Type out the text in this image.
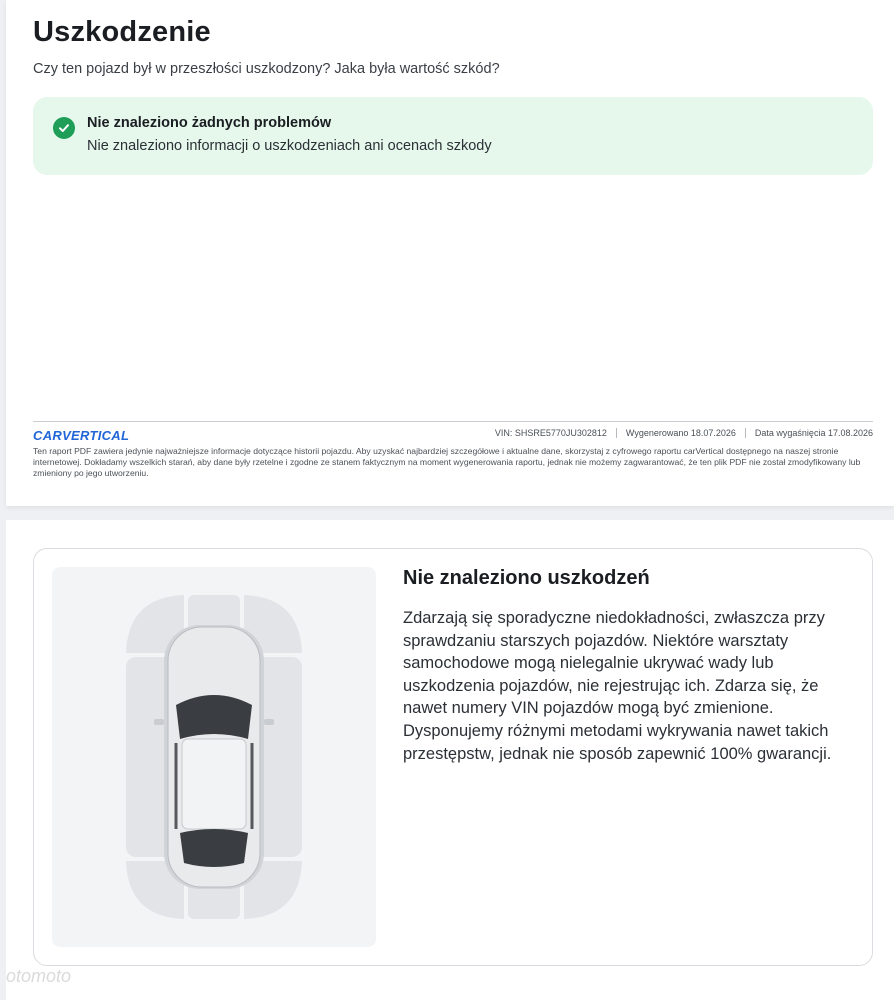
Uszkodzenie

Czy ten pojazd był w przeszłości uszkodzony? Jaka była wartość szkód?

Nie znaleziono żadnych problemów
Nie znaleziono informacji o uszkodzeniach ani ocenach szkody
CARVERTICAL	VIN: SHSRE5770JU302812	Wygenerowano 18.07.2026	Data wygaśnięcia 17.08.2026

Ten raport PDF zawiera jedynie najważniejsze informacje dotyczące historii pojazdu. Aby uzyskać najbardziej szczegółowe i aktualne dane, skorzystaj z cyfrowego raportu carVertical dostępnego na naszej stronie internetowej. Dokładamy wszelkich starań, aby dane były rzetelne i zgodne ze stanem faktycznym na moment wygenerowania raportu, jednak nie możemy zagwarantować, że ten plik PDF nie został zmodyfikowany lub zmieniony po jego utworzeniu.

Nie znaleziono uszkodzeń

Zdarzają się sporadyczne niedokładności, zwłaszcza przy sprawdzaniu starszych pojazdów. Niektóre warsztaty samochodowe mogą nielegalnie ukrywać wady lub uszkodzenia pojazdów, nie rejestrując ich. Zdarza się, że nawet numery VIN pojazdów mogą być zmienione. Dysponujemy różnymi metodami wykrywania nawet takich przestępstw, jednak nie sposób zapewnić 100% gwarancji.

otomoto
